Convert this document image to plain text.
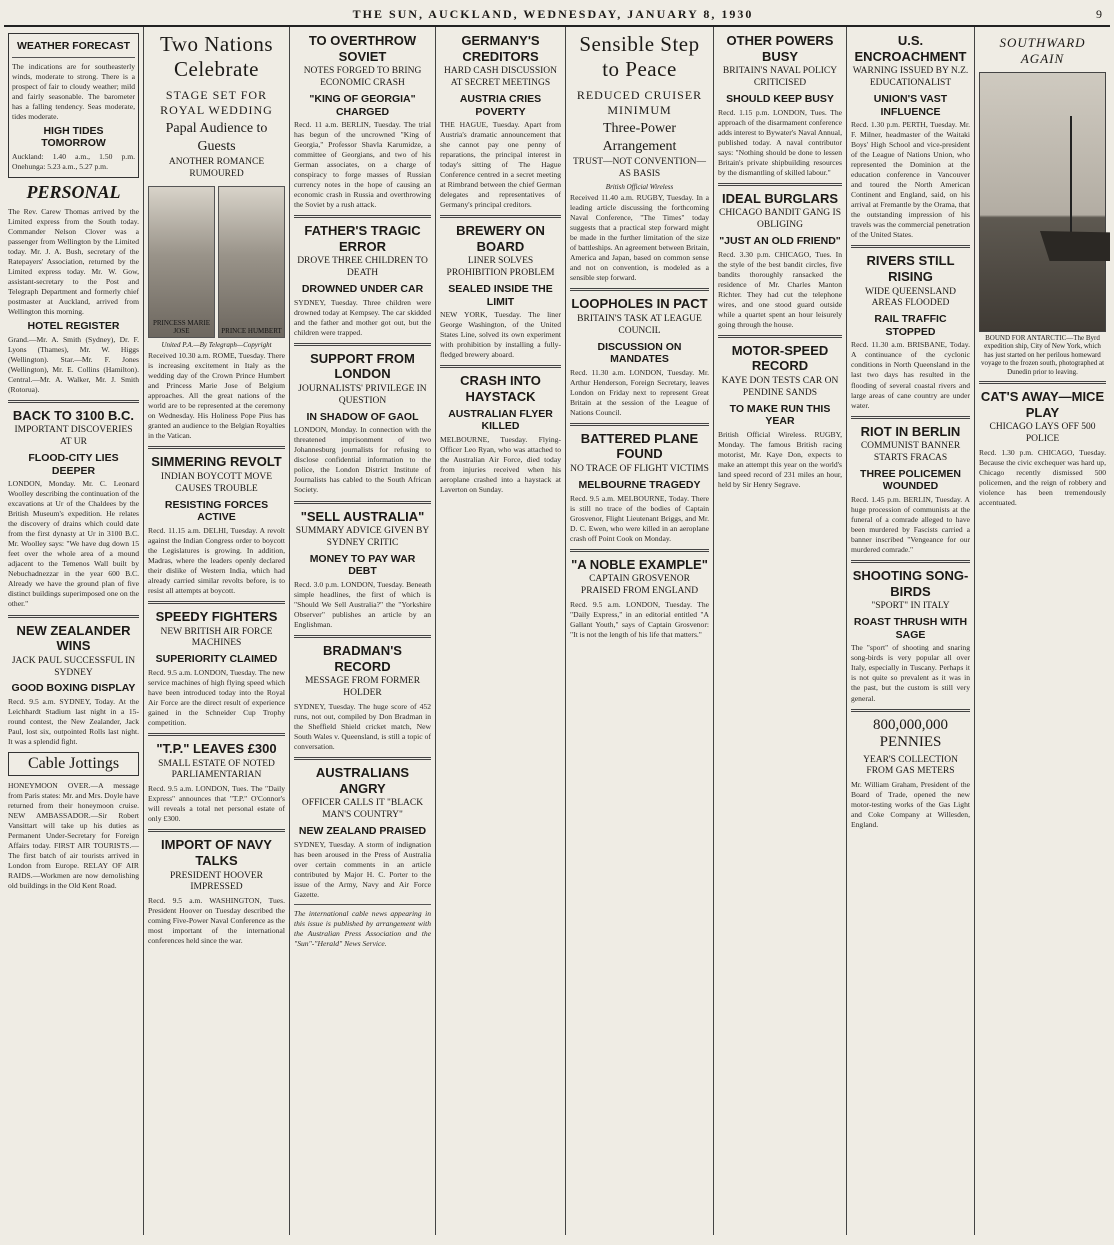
THE SUN, AUCKLAND, WEDNESDAY, JANUARY 8, 1930	9
WEATHER FORECAST
The indications are for southeasterly winds, moderate to strong. There is a prospect of fair to cloudy weather; mild and fairly seasonable. The barometer has a falling tendency. Seas moderate, tides moderate.
HIGH TIDES TOMORROW
Auckland: 1.40 a.m., 1.50 p.m. Onehunga: 5.23 a.m., 5.27 p.m.
PERSONAL
The Rev. Carew Thomas arrived by the Limited express from the South today. Commander Nelson Clover was a passenger from Wellington by the Limited today. Mr. J. A. Bush, secretary of the Ratepayers' Association, returned by the Limited express today. Mr. W. Gow, assistant-secretary to the Post and Telegraph Department and formerly chief postmaster at Auckland, arrived from Wellington this morning.
HOTEL REGISTER
Grand.—Mr. A. Smith (Sydney), Dr. F. Lyons (Thames), Mr. W. Higgs (Wellington). Star.—Mr. F. Jones (Wellington), Mr. E. Collins (Hamilton). Central.—Mr. A. Walker, Mr. J. Smith (Rotorua).
BACK TO 3100 B.C.
IMPORTANT DISCOVERIES AT UR
FLOOD-CITY LIES DEEPER
LONDON, Monday. Mr. C. Leonard Woolley describing the continuation of the excavations at Ur of the Chaldees by the British Museum's expedition. He relates the discovery of drains which could date from the first dynasty at Ur in 3100 B.C. Mr. Woolley says: "We have dug down 15 feet over the whole area of a mound adjacent to the Temenos Wall built by Nebuchadnezzar in the year 600 B.C. Already we have the ground plan of five distinct buildings superimposed one on the other."
NEW ZEALANDER WINS
JACK PAUL SUCCESSFUL IN SYDNEY
GOOD BOXING DISPLAY
Recd. 9.5 a.m. SYDNEY, Today. At the Leichhardt Stadium last night in a 15-round contest, the New Zealander, Jack Paul, lost six, outpointed Rolls last night. It was a splendid fight.
Cable Jottings
HONEYMOON OVER.—A message from Paris states: Mr. and Mrs. Doyle have returned from their honeymoon cruise. NEW AMBASSADOR.—Sir Robert Vansittart will take up his duties as Permanent Under-Secretary for Foreign Affairs today. FIRST AIR TOURISTS.—The first batch of air tourists arrived in London from Europe. RELAY OF AIR RAIDS.—Workmen are now demolishing old buildings in the Old Kent Road.
Two Nations Celebrate
STAGE SET FOR ROYAL WEDDING
Papal Audience to Guests
ANOTHER ROMANCE RUMOURED
PRINCESS MARIE JOSE	PRINCE HUMBERT
United P.A.—By Telegraph—Copyright
Received 10.30 a.m. ROME, Tuesday. There is increasing excitement in Italy as the wedding day of the Crown Prince Humbert and Princess Marie Jose of Belgium approaches. All the great nations of the world are to be represented at the ceremony on Wednesday. His Holiness Pope Pius has granted an audience to the Belgian Royalties in the Vatican.
SIMMERING REVOLT
INDIAN BOYCOTT MOVE CAUSES TROUBLE
RESISTING FORCES ACTIVE
Recd. 11.15 a.m. DELHI, Tuesday. A revolt against the Indian Congress order to boycott the Legislatures is growing. In addition, Madras, where the leaders openly declared their dislike of Western India, which had already carried similar revolts before, is to resist all attempts at boycott.
SPEEDY FIGHTERS
NEW BRITISH AIR FORCE MACHINES
SUPERIORITY CLAIMED
Recd. 9.5 a.m. LONDON, Tuesday. The new service machines of high flying speed which have been introduced today into the Royal Air Force are the direct result of experience gained in the Schneider Cup Trophy competition.
"T.P." LEAVES £300
SMALL ESTATE OF NOTED PARLIAMENTARIAN
Recd. 9.5 a.m. LONDON, Tues. The "Daily Express" announces that "T.P." O'Connor's will reveals a total net personal estate of only £300.
IMPORT OF NAVY TALKS
PRESIDENT HOOVER IMPRESSED
Recd. 9.5 a.m. WASHINGTON, Tues. President Hoover on Tuesday described the coming Five-Power Naval Conference as the most important of the international conferences held since the war.
TO OVERTHROW SOVIET
NOTES FORGED TO BRING ECONOMIC CRASH
"KING OF GEORGIA" CHARGED
Recd. 11 a.m. BERLIN, Tuesday. The trial has begun of the uncrowned "King of Georgia," Professor Shavla Karumidze, a committee of Georgians, and two of his German associates, on a charge of conspiracy to forge masses of Russian currency notes in the hope of causing an economic crash in Russia and overthrowing the Soviet by a rush attack.
FATHER'S TRAGIC ERROR
DROVE THREE CHILDREN TO DEATH
DROWNED UNDER CAR
SYDNEY, Tuesday. Three children were drowned today at Kempsey. The car skidded and the father and mother got out, but the children were trapped.
SUPPORT FROM LONDON
JOURNALISTS' PRIVILEGE IN QUESTION
IN SHADOW OF GAOL
LONDON, Monday. In connection with the threatened imprisonment of two Johannesburg journalists for refusing to disclose confidential information to the police, the London District Institute of Journalists has cabled to the South African Society.
"SELL AUSTRALIA"
SUMMARY ADVICE GIVEN BY SYDNEY CRITIC
MONEY TO PAY WAR DEBT
Recd. 3.0 p.m. LONDON, Tuesday. Beneath simple headlines, the first of which is "Should We Sell Australia?" the "Yorkshire Observer" publishes an article by an Englishman.
BRADMAN'S RECORD
MESSAGE FROM FORMER HOLDER
SYDNEY, Tuesday. The huge score of 452 runs, not out, compiled by Don Bradman in the Sheffield Shield cricket match, New South Wales v. Queensland, is still a topic of conversation.
AUSTRALIANS ANGRY
OFFICER CALLS IT "BLACK MAN'S COUNTRY"
NEW ZEALAND PRAISED
SYDNEY, Tuesday. A storm of indignation has been aroused in the Press of Australia over certain comments in an article contributed by Major H. C. Porter to the issue of the Army, Navy and Air Force Gazette.
The international cable news appearing in this issue is published by arrangement with the Australian Press Association and the "Sun"-"Herald" News Service.
GERMANY'S CREDITORS
HARD CASH DISCUSSION AT SECRET MEETINGS
AUSTRIA CRIES POVERTY
THE HAGUE, Tuesday. Apart from Austria's dramatic announcement that she cannot pay one penny of reparations, the principal interest in today's sitting of The Hague Conference centred in a secret meeting at Rimbrand between the chief German delegates and representatives of Germany's principal creditors.
BREWERY ON BOARD
LINER SOLVES PROHIBITION PROBLEM
SEALED INSIDE THE LIMIT
NEW YORK, Tuesday. The liner George Washington, of the United States Line, solved its own experiment with prohibition by installing a fully-fledged brewery aboard.
CRASH INTO HAYSTACK
AUSTRALIAN FLYER KILLED
MELBOURNE, Tuesday. Flying-Officer Leo Ryan, who was attached to the Australian Air Force, died today from injuries received when his aeroplane crashed into a haystack at Laverton on Sunday.
Sensible Step to Peace
REDUCED CRUISER MINIMUM
Three-Power Arrangement
TRUST—NOT CONVENTION—AS BASIS
British Official Wireless
Received 11.40 a.m. RUGBY, Tuesday. In a leading article discussing the forthcoming Naval Conference, "The Times" today suggests that a practical step forward might be made in the further limitation of the size of battleships. An agreement between Britain, America and Japan, based on common sense and not on convention, is modeled as a sensible step forward.
LOOPHOLES IN PACT
BRITAIN'S TASK AT LEAGUE COUNCIL
DISCUSSION ON MANDATES
Recd. 11.30 a.m. LONDON, Tuesday. Mr. Arthur Henderson, Foreign Secretary, leaves London on Friday next to represent Great Britain at the session of the League of Nations Council.
BATTERED PLANE FOUND
NO TRACE OF FLIGHT VICTIMS
MELBOURNE TRAGEDY
Recd. 9.5 a.m. MELBOURNE, Today. There is still no trace of the bodies of Captain Grosvenor, Flight Lieutenant Briggs, and Mr. D. C. Ewen, who were killed in an aeroplane crash off Point Cook on Monday.
"A NOBLE EXAMPLE"
CAPTAIN GROSVENOR PRAISED FROM ENGLAND
Recd. 9.5 a.m. LONDON, Tuesday. The "Daily Express," in an editorial entitled "A Gallant Youth," says of Captain Grosvenor: "It is not the length of his life that matters."
OTHER POWERS BUSY
BRITAIN'S NAVAL POLICY CRITICISED
SHOULD KEEP BUSY
Recd. 1.15 p.m. LONDON, Tues. The approach of the disarmament conference adds interest to Bywater's Naval Annual, published today. A naval contributor says: "Nothing should be done to lessen Britain's private shipbuilding resources by the dismantling of skilled labour."
IDEAL BURGLARS
CHICAGO BANDIT GANG IS OBLIGING
"JUST AN OLD FRIEND"
Recd. 3.30 p.m. CHICAGO, Tues. In the style of the best bandit circles, five bandits thoroughly ransacked the residence of Mr. Charles Manton Richter. They had cut the telephone wires, and one stood guard outside while a quartet spent an hour leisurely going through the house.
MOTOR-SPEED RECORD
KAYE DON TESTS CAR ON PENDINE SANDS
TO MAKE RUN THIS YEAR
British Official Wireless. RUGBY, Monday. The famous British racing motorist, Mr. Kaye Don, expects to make an attempt this year on the world's land speed record of 231 miles an hour, held by Sir Henry Segrave.
U.S. ENCROACHMENT
WARNING ISSUED BY N.Z. EDUCATIONALIST
UNION'S VAST INFLUENCE
Recd. 1.30 p.m. PERTH, Tuesday. Mr. F. Milner, headmaster of the Waitaki Boys' High School and vice-president of the League of Nations Union, who represented the Dominion at the education conference in Vancouver and toured the North American Continent and England, said, on his arrival at Fremantle by the Orama, that the outstanding impression of his travels was the commercial penetration of the United States.
RIVERS STILL RISING
WIDE QUEENSLAND AREAS FLOODED
RAIL TRAFFIC STOPPED
Recd. 11.30 a.m. BRISBANE, Today. A continuance of the cyclonic conditions in North Queensland in the last two days has resulted in the flooding of several coastal rivers and large areas of cane country are under water.
RIOT IN BERLIN
COMMUNIST BANNER STARTS FRACAS
THREE POLICEMEN WOUNDED
Recd. 1.45 p.m. BERLIN, Tuesday. A huge procession of communists at the funeral of a comrade alleged to have been murdered by Fascists carried a banner inscribed "Vengeance for our murdered comrade."
SHOOTING SONG-BIRDS
"SPORT" IN ITALY
ROAST THRUSH WITH SAGE
The "sport" of shooting and snaring song-birds is very popular all over Italy, especially in Tuscany. Perhaps it is not quite so prevalent as it was in the past, but the custom is still very general.
800,000,000 PENNIES
YEAR'S COLLECTION FROM GAS METERS
Mr. William Graham, President of the Board of Trade, opened the new motor-testing works of the Gas Light and Coke Company at Willesden, England.
SOUTHWARD AGAIN
BOUND FOR ANTARCTIC—The Byrd expedition ship, City of New York, which has just started on her perilous homeward voyage to the frozen south, photographed at Dunedin prior to leaving.
CAT'S AWAY—MICE PLAY
CHICAGO LAYS OFF 500 POLICE
Recd. 1.30 p.m. CHICAGO, Tuesday. Because the civic exchequer was hard up, Chicago recently dismissed 500 policemen, and the reign of robbery and violence has been tremendously accentuated.
